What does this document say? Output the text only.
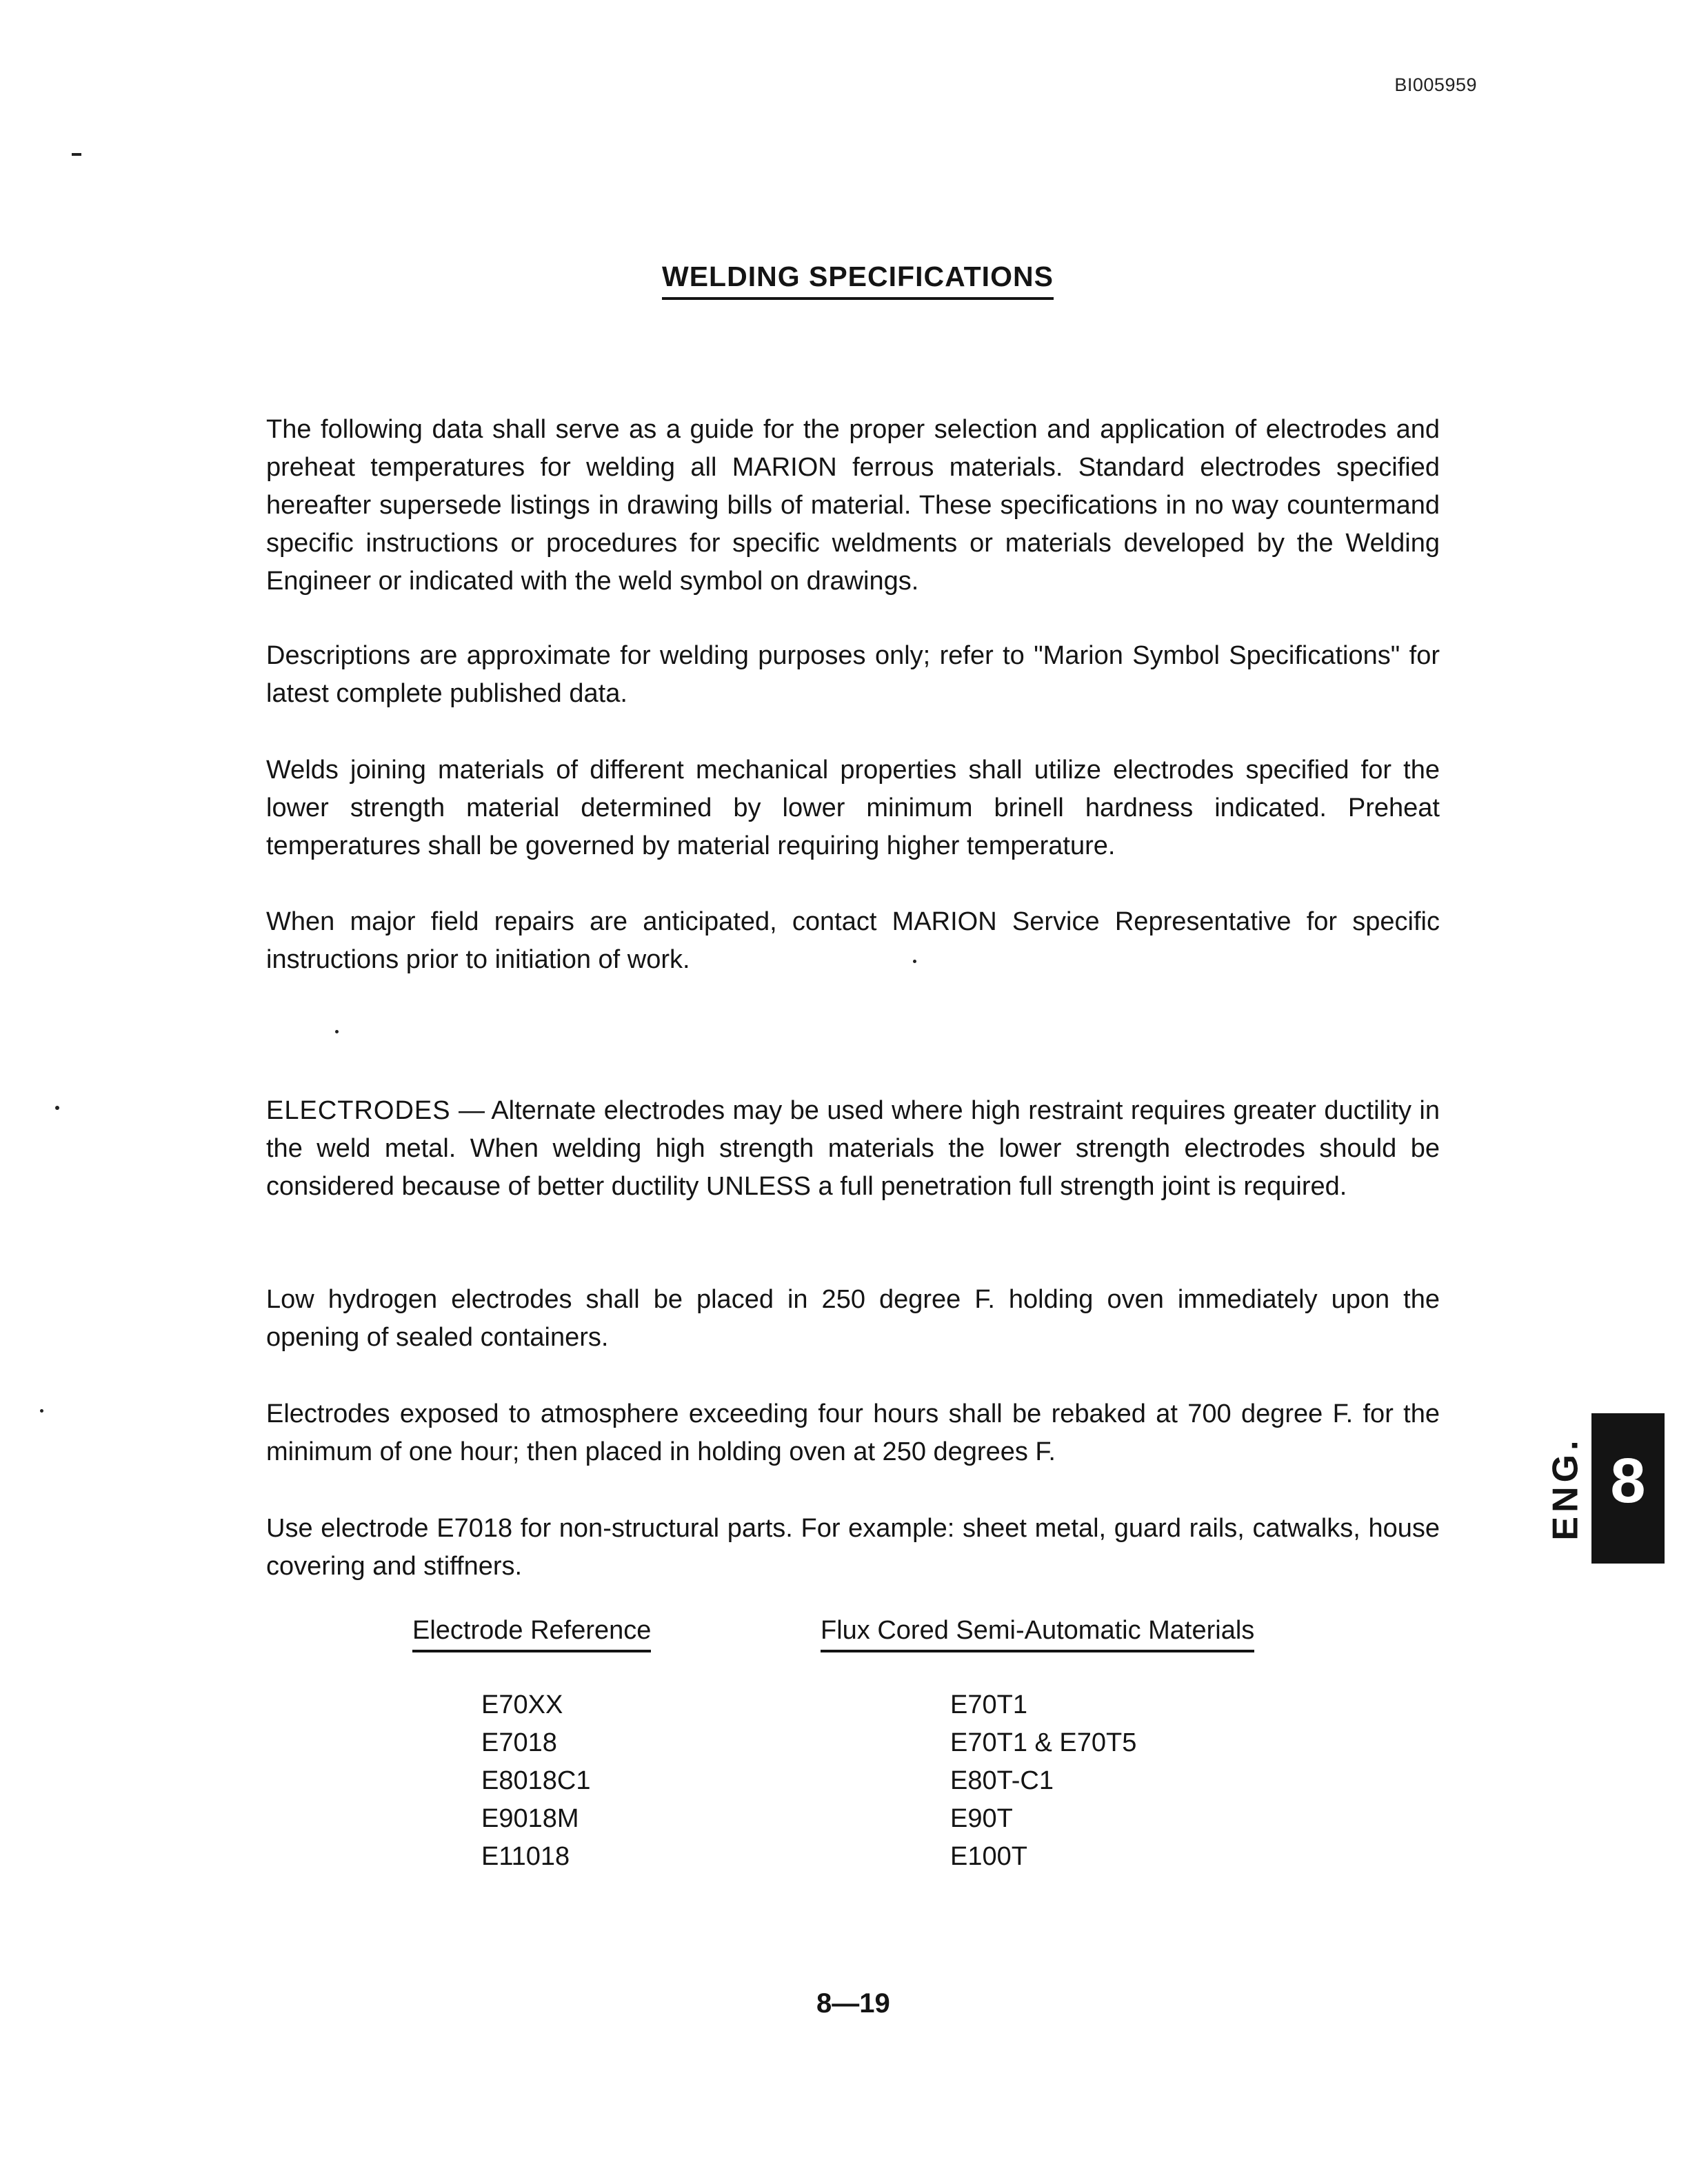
BI005959
WELDING SPECIFICATIONS

The following data shall serve as a guide for the proper selection and application of electrodes and preheat temperatures for welding all MARION ferrous materials. Standard electrodes specified hereafter supersede listings in drawing bills of material. These specifications in no way countermand specific instructions or procedures for specific weldments or materials developed by the Welding Engineer or indicated with the weld symbol on drawings.

Descriptions are approximate for welding purposes only; refer to "Marion Symbol Specifications" for latest complete published data.

Welds joining materials of different mechanical properties shall utilize electrodes specified for the lower strength material determined by lower minimum brinell hardness indicated. Preheat temperatures shall be governed by material requiring higher temperature.

When major field repairs are anticipated, contact MARION Service Representative for specific instructions prior to initiation of work.

ELECTRODES — Alternate electrodes may be used where high restraint requires greater ductility in the weld metal. When welding high strength materials the lower strength electrodes should be considered because of better ductility UNLESS a full penetration full strength joint is required.

Low hydrogen electrodes shall be placed in 250 degree F. holding oven immediately upon the opening of sealed containers.

Electrodes exposed to atmosphere exceeding four hours shall be rebaked at 700 degree F. for the minimum of one hour; then placed in holding oven at 250 degrees F.

Use electrode E7018 for non-structural parts. For example: sheet metal, guard rails, catwalks, house covering and stiffners.

Electrode Reference	Flux Cored Semi-Automatic Materials
E70XX
E7018
E8018C1
E9018M
E11018
E70T1
E70T1 & E70T5
E80T-C1
E90T
E100T
8—19
ENG. 8
